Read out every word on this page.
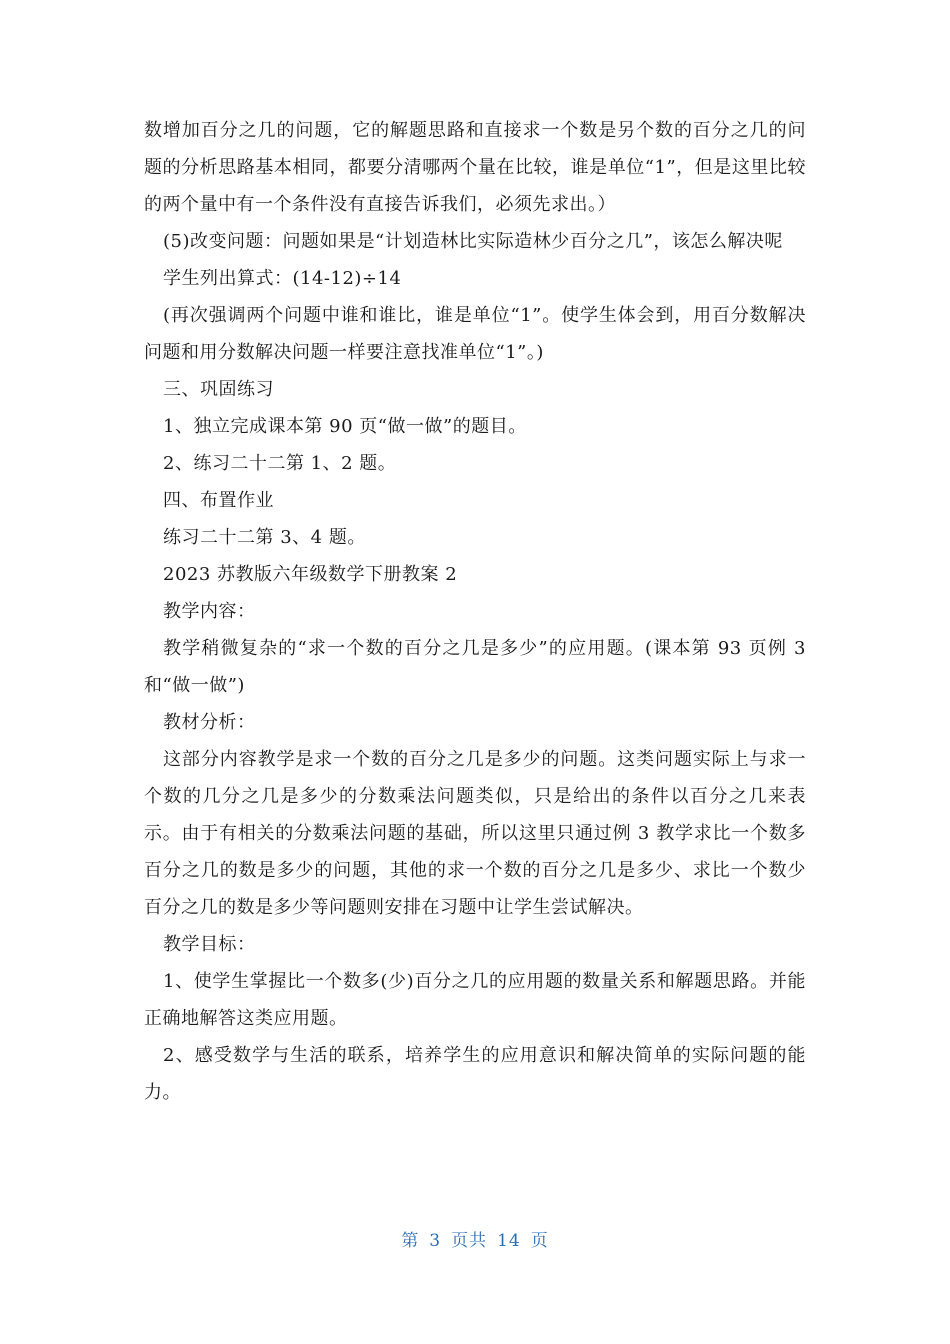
数增加百分之几的问题，它的解题思路和直接求一个数是另个数的百分之几的问题的分析思路基本相同，都要分清哪两个量在比较，谁是单位“1”，但是这里比较的两个量中有一个条件没有直接告诉我们，必须先求出。）

(5)改变问题：问题如果是“计划造林比实际造林少百分之几”，该怎么解决呢

学生列出算式：(14-12)÷14

(再次强调两个问题中谁和谁比，谁是单位“1”。使学生体会到，用百分数解决问题和用分数解决问题一样要注意找准单位“1”。)

三、巩固练习

1、独立完成课本第 90 页“做一做”的题目。

2、练习二十二第 1、2 题。

四、布置作业

练习二十二第 3、4 题。

2023 苏教版六年级数学下册教案 2

教学内容：

教学稍微复杂的“求一个数的百分之几是多少”的应用题。(课本第 93 页例 3 和“做一做”)

教材分析：

这部分内容教学是求一个数的百分之几是多少的问题。这类问题实际上与求一个数的几分之几是多少的分数乘法问题类似，只是给出的条件以百分之几来表示。由于有相关的分数乘法问题的基础，所以这里只通过例 3 教学求比一个数多百分之几的数是多少的问题，其他的求一个数的百分之几是多少、求比一个数少百分之几的数是多少等问题则安排在习题中让学生尝试解决。

教学目标：

1、使学生掌握比一个数多(少)百分之几的应用题的数量关系和解题思路。并能正确地解答这类应用题。

2、感受数学与生活的联系，培养学生的应用意识和解决简单的实际问题的能力。

第 3 页共 14 页
